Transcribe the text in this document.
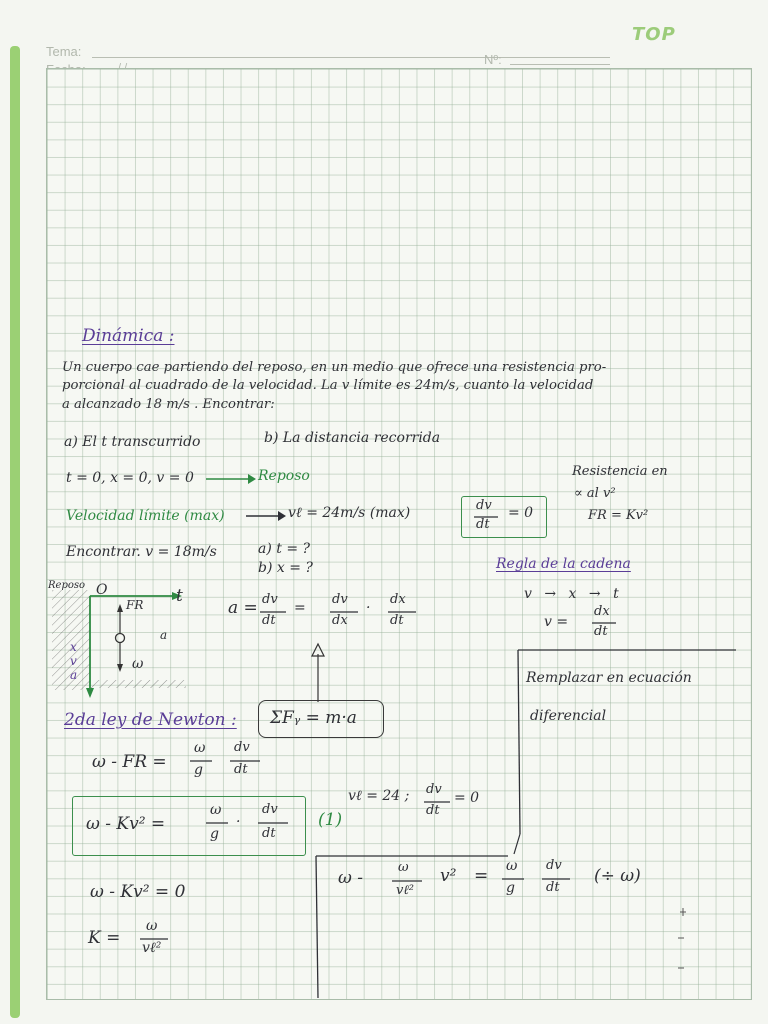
TOP
Tema:
Nº:
Dinámica :
Un cuerpo cae partiendo del reposo, en un medio que ofrece una resistencia pro-
porcional al cuadrado de la velocidad. La v límite es 24m/s, cuanto la velocidad
a alcanzado 18 m/s . Encontrar:
a) El t transcurrido	b) La distancia recorrida
t = 0, x = 0, v = 0	Reposo	Resistencia en
∝ al v²
FR = Kv²
Velocidad límite (max)	vℓ = 24m/s (max)	dv
dt
= 0
Encontrar. v = 18m/s	a) t = ?
b) x = ?	Regla de la cadena
v → x → t
v =
dx
dt
Reposo O	t
FR
a
ω
x v a
a = dv
dt
=
dv
dx
·
dx
dt
Remplazar en ecuación
diferencial
2da ley de Newton : ΣFᵧ = m·a
ω - FR =
ω
g
dv
dt
ω - Kv² =
ω
g
·
dv
dt
(1)
vℓ = 24 ; dv
dt
= 0
ω -
ω
vℓ²
v² = ω
g
dv
dt
(÷ ω)
ω - Kv² = 0
K =
ω
vℓ²
